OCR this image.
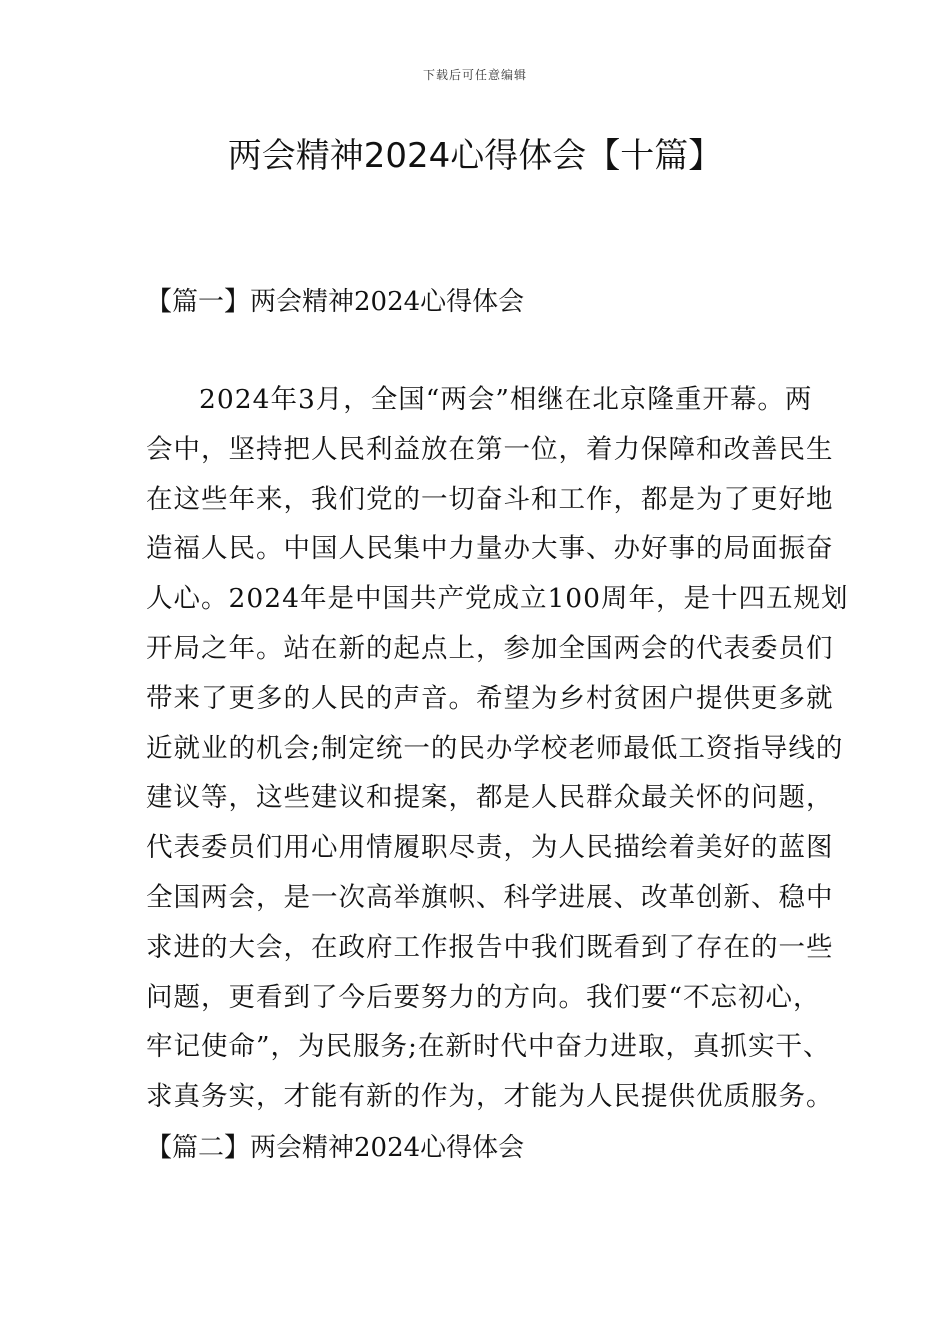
下载后可任意编辑
两会精神2024心得体会【十篇】
【篇一】两会精神2024心得体会
2024年3月，全国“两会”相继在北京隆重开幕。两
会中，坚持把人民利益放在第一位，着力保障和改善民生
在这些年来，我们党的一切奋斗和工作，都是为了更好地
造福人民。中国人民集中力量办大事、办好事的局面振奋
人心。2024年是中国共产党成立100周年，是十四五规划
开局之年。站在新的起点上，参加全国两会的代表委员们
带来了更多的人民的声音。希望为乡村贫困户提供更多就
近就业的机会;制定统一的民办学校老师最低工资指导线的
建议等，这些建议和提案，都是人民群众最关怀的问题，
代表委员们用心用情履职尽责，为人民描绘着美好的蓝图
全国两会，是一次高举旗帜、科学进展、改革创新、稳中
求进的大会，在政府工作报告中我们既看到了存在的一些
问题，更看到了今后要努力的方向。我们要“不忘初心，
牢记使命”，为民服务;在新时代中奋力进取，真抓实干、
求真务实，才能有新的作为，才能为人民提供优质服务。
【篇二】两会精神2024心得体会
